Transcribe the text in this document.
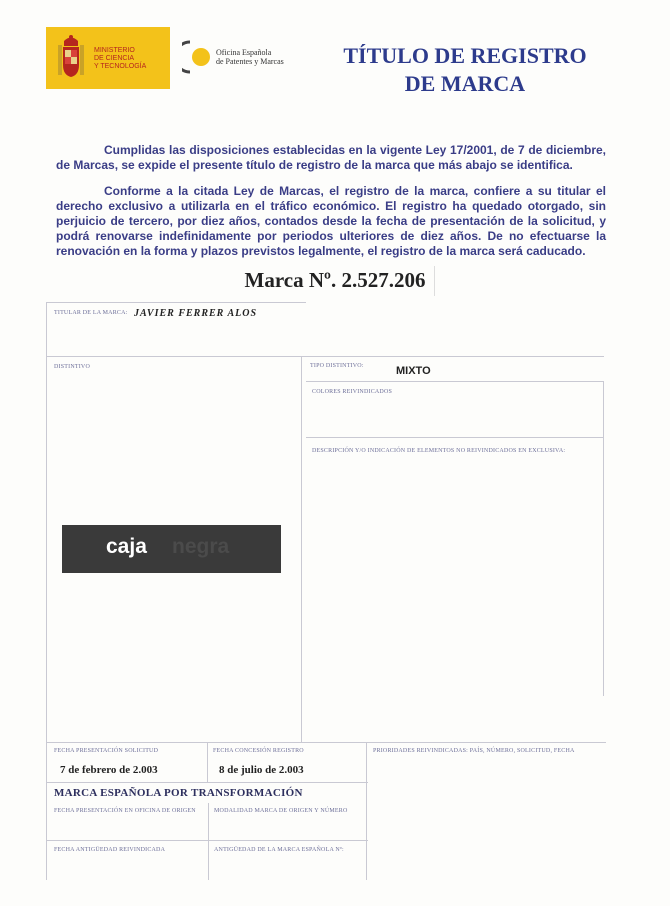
MINISTERIO
DE CIENCIA
Y TECNOLOGÍA
Oficina Española
de Patentes y Marcas	TÍTULO DE REGISTRO
DE MARCA
Cumplidas las disposiciones establecidas en la vigente Ley 17/2001, de 7 de diciembre, de Marcas, se expide el presente título de registro de la marca que más abajo se identifica.
Conforme a la citada Ley de Marcas, el registro de la marca, confiere a su titular el derecho exclusivo a utilizarla en el tráfico económico. El registro ha quedado otorgado, sin perjuicio de tercero, por diez años, contados desde la fecha de presentación de la solicitud, y podrá renovarse indefinidamente por periodos ulteriores de diez años. De no efectuarse la renovación en la forma y plazos previstos legalmente, el registro de la marca será caducado.
Marca Nº. 2.527.206
TITULAR DE LA MARCA: JAVIER FERRER ALOS
DISTINTIVO	TIPO DISTINTIVO:	MIXTO
COLORES REIVINDICADOS
DESCRIPCIÓN Y/O INDICACIÓN DE ELEMENTOS NO REIVINDICADOS EN EXCLUSIVA:
caja negra
FECHA PRESENTACIÓN SOLICITUD
7 de febrero de 2.003
FECHA CONCESIÓN REGISTRO
8 de julio de 2.003
PRIORIDADES REIVINDICADAS: PAÍS, NÚMERO, SOLICITUD, FECHA
MARCA ESPAÑOLA POR TRANSFORMACIÓN
FECHA PRESENTACIÓN EN OFICINA DE ORIGEN	MODALIDAD MARCA DE ORIGEN Y NÚMERO
FECHA ANTIGÜEDAD REIVINDICADA	ANTIGÜEDAD DE LA MARCA ESPAÑOLA Nº:
